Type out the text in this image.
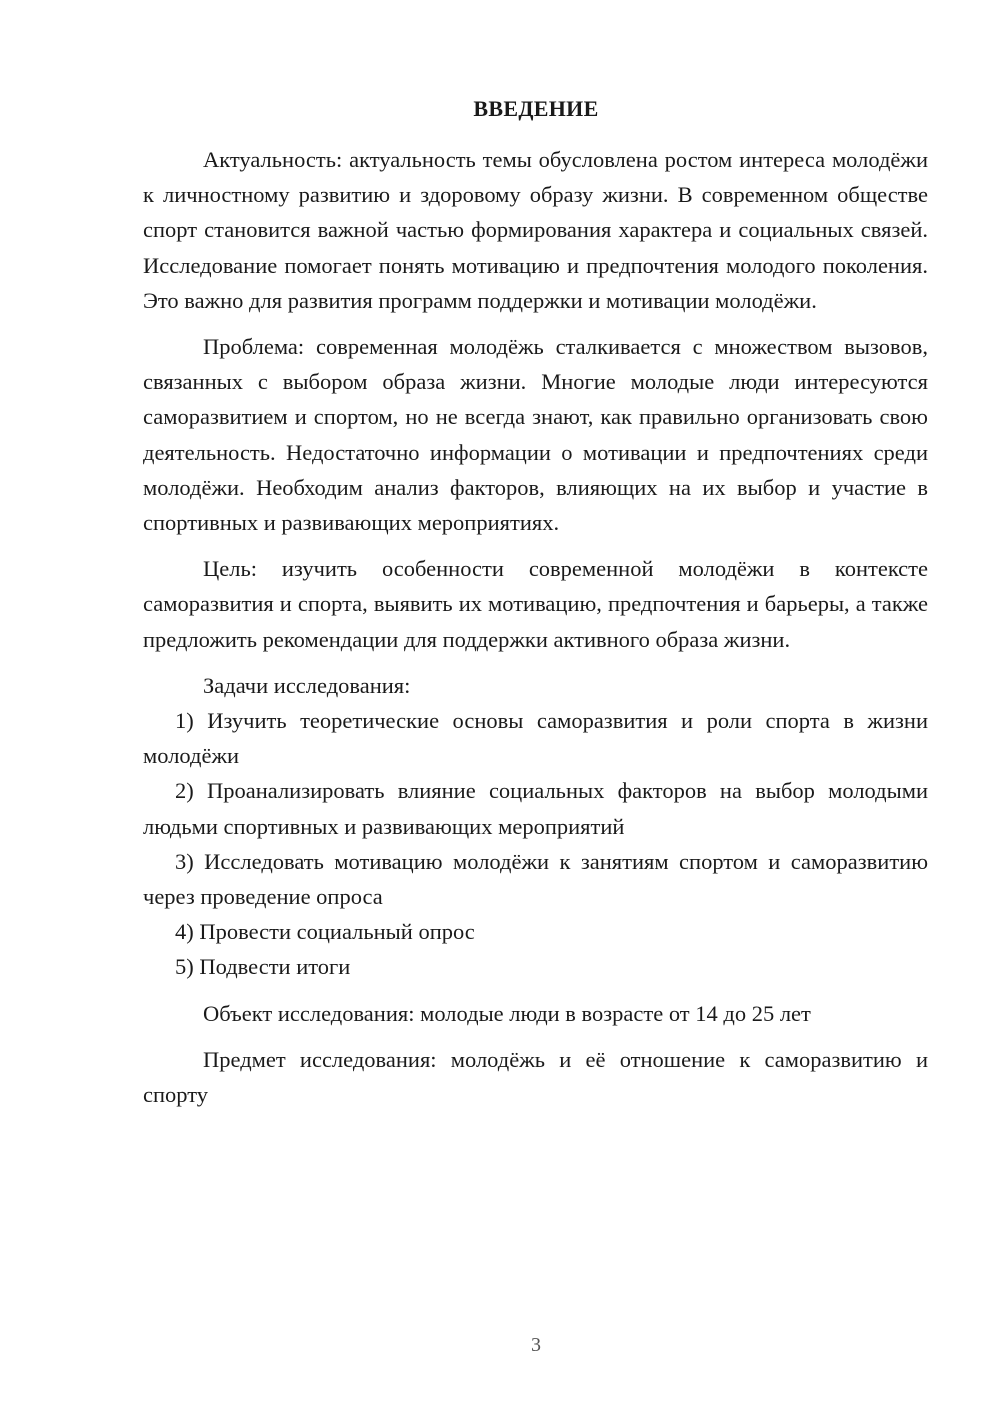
ВВЕДЕНИЕ

Актуальность: актуальность темы обусловлена ростом интереса молодёжи к личностному развитию и здоровому образу жизни. В современном обществе спорт становится важной частью формирования характера и социальных связей. Исследование помогает понять мотивацию и предпочтения молодого поколения. Это важно для развития программ поддержки и мотивации молодёжи.

Проблема: современная молодёжь сталкивается с множеством вызовов, связанных с выбором образа жизни. Многие молодые люди интересуются саморазвитием и спортом, но не всегда знают, как правильно организовать свою деятельность. Недостаточно информации о мотивации и предпочтениях среди молодёжи. Необходим анализ факторов, влияющих на их выбор и участие в спортивных и развивающих мероприятиях.

Цель: изучить особенности современной молодёжи в контексте саморазвития и спорта, выявить их мотивацию, предпочтения и барьеры, а также предложить рекомендации для поддержки активного образа жизни.

Задачи исследования:

1) Изучить теоретические основы саморазвития и роли спорта в жизни молодёжи

2) Проанализировать влияние социальных факторов на выбор молодыми людьми спортивных и развивающих мероприятий

3) Исследовать мотивацию молодёжи к занятиям спортом и саморазвитию через проведение опроса

4) Провести социальный опрос

5) Подвести итоги

Объект исследования: молодые люди в возрасте от 14 до 25 лет

Предмет исследования: молодёжь и её отношение к саморазвитию и спорту

3
